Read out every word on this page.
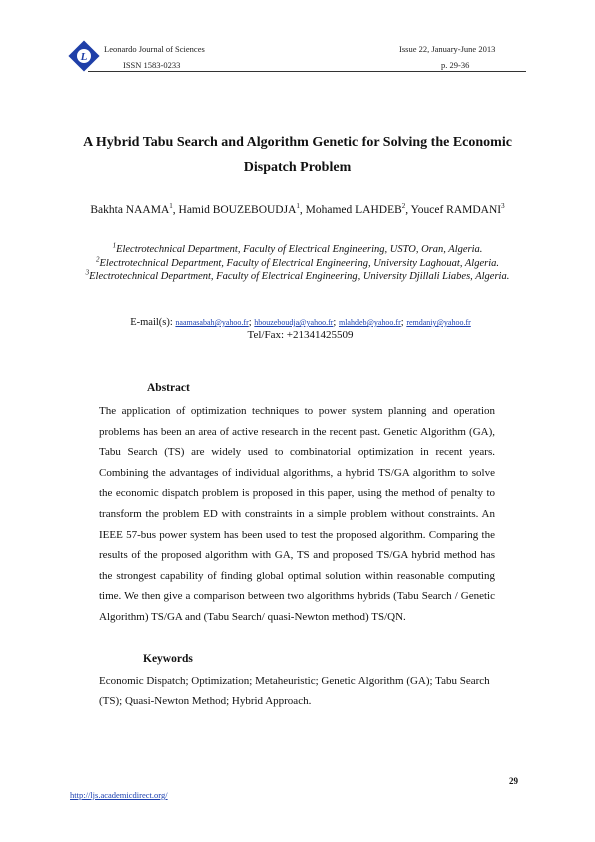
L
Leonardo Journal of Sciences
ISSN 1583-0233
Issue 22, January-June 2013
p. 29-36
A Hybrid Tabu Search and Algorithm Genetic for Solving the Economic
Dispatch Problem
Bakhta NAAMA$^1$, Hamid BOUZEBOUDJA$^1$, Mohamed LAHDEB$^2$, Youcef RAMDANI$^3$
$^1$Electrotechnical Department, Faculty of Electrical Engineering, USTO, Oran, Algeria.
$^2$Electrotechnical Department, Faculty of Electrical Engineering, University Laghouat, Algeria.
$^3$Electrotechnical Department, Faculty of Electrical Engineering, University Djillali Liabes, Algeria.
E-mail(s): naamasabah@yahoo.fr; hbouzeboudja@yahoo.fr; mlahdeb@yahoo.fr; remdaniy@yahoo.fr
Tel/Fax: +21341425509
Abstract

The application of optimization techniques to power system planning and operation problems has been an area of active research in the recent past. Genetic Algorithm (GA), Tabu Search (TS) are widely used to combinatorial optimization in recent years. Combining the advantages of individual algorithms, a hybrid TS/GA algorithm to solve the economic dispatch problem is proposed in this paper, using the method of penalty to transform the problem ED with constraints in a simple problem without constraints. An IEEE 57-bus power system has been used to test the proposed algorithm. Comparing the results of the proposed algorithm with GA, TS and proposed TS/GA hybrid method has the strongest capability of finding global optimal solution within reasonable computing time. We then give a comparison between two algorithms hybrids (Tabu Search / Genetic Algorithm) TS/GA and (Tabu Search/ quasi-Newton method) TS/QN.

Keywords

Economic Dispatch; Optimization; Metaheuristic; Genetic Algorithm (GA); Tabu Search (TS); Quasi-Newton Method; Hybrid Approach.

29
http://ljs.academicdirect.org/
